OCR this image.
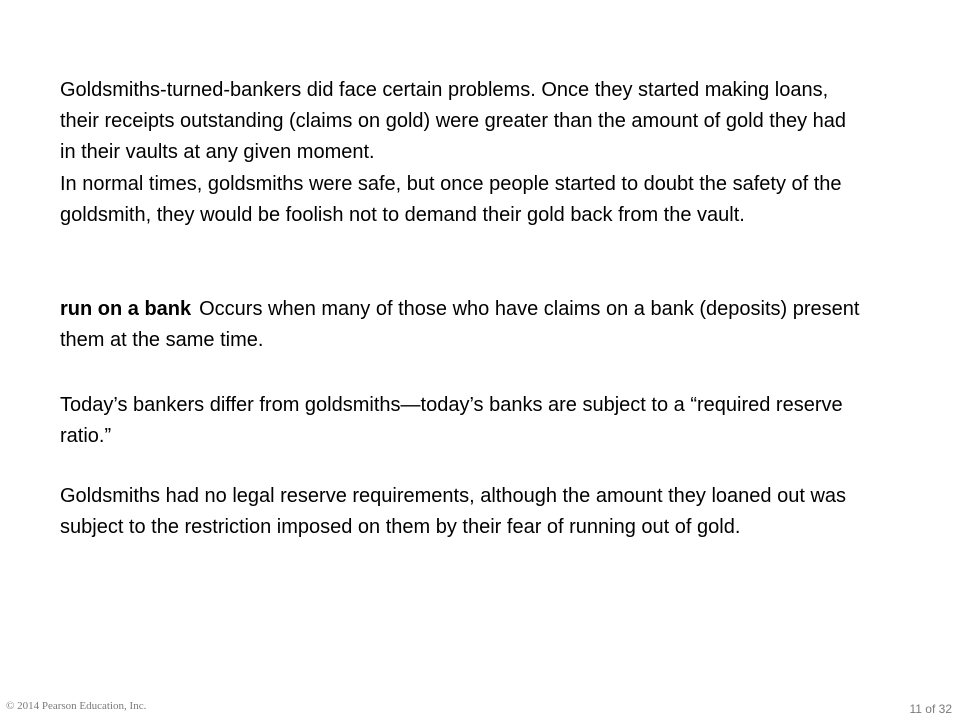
Goldsmiths-turned-bankers did face certain problems. Once they started making loans, their receipts outstanding (claims on gold) were greater than the amount of gold they had in their vaults at any given moment.

In normal times, goldsmiths were safe, but once people started to doubt the safety of the goldsmith, they would be foolish not to demand their gold back from the vault.

run on a bank Occurs when many of those who have claims on a bank (deposits) present them at the same time.

Today’s bankers differ from goldsmiths—today’s banks are subject to a “required reserve ratio.”

Goldsmiths had no legal reserve requirements, although the amount they loaned out was subject to the restriction imposed on them by their fear of running out of gold.

© 2014 Pearson Education, Inc.	11 of 32
